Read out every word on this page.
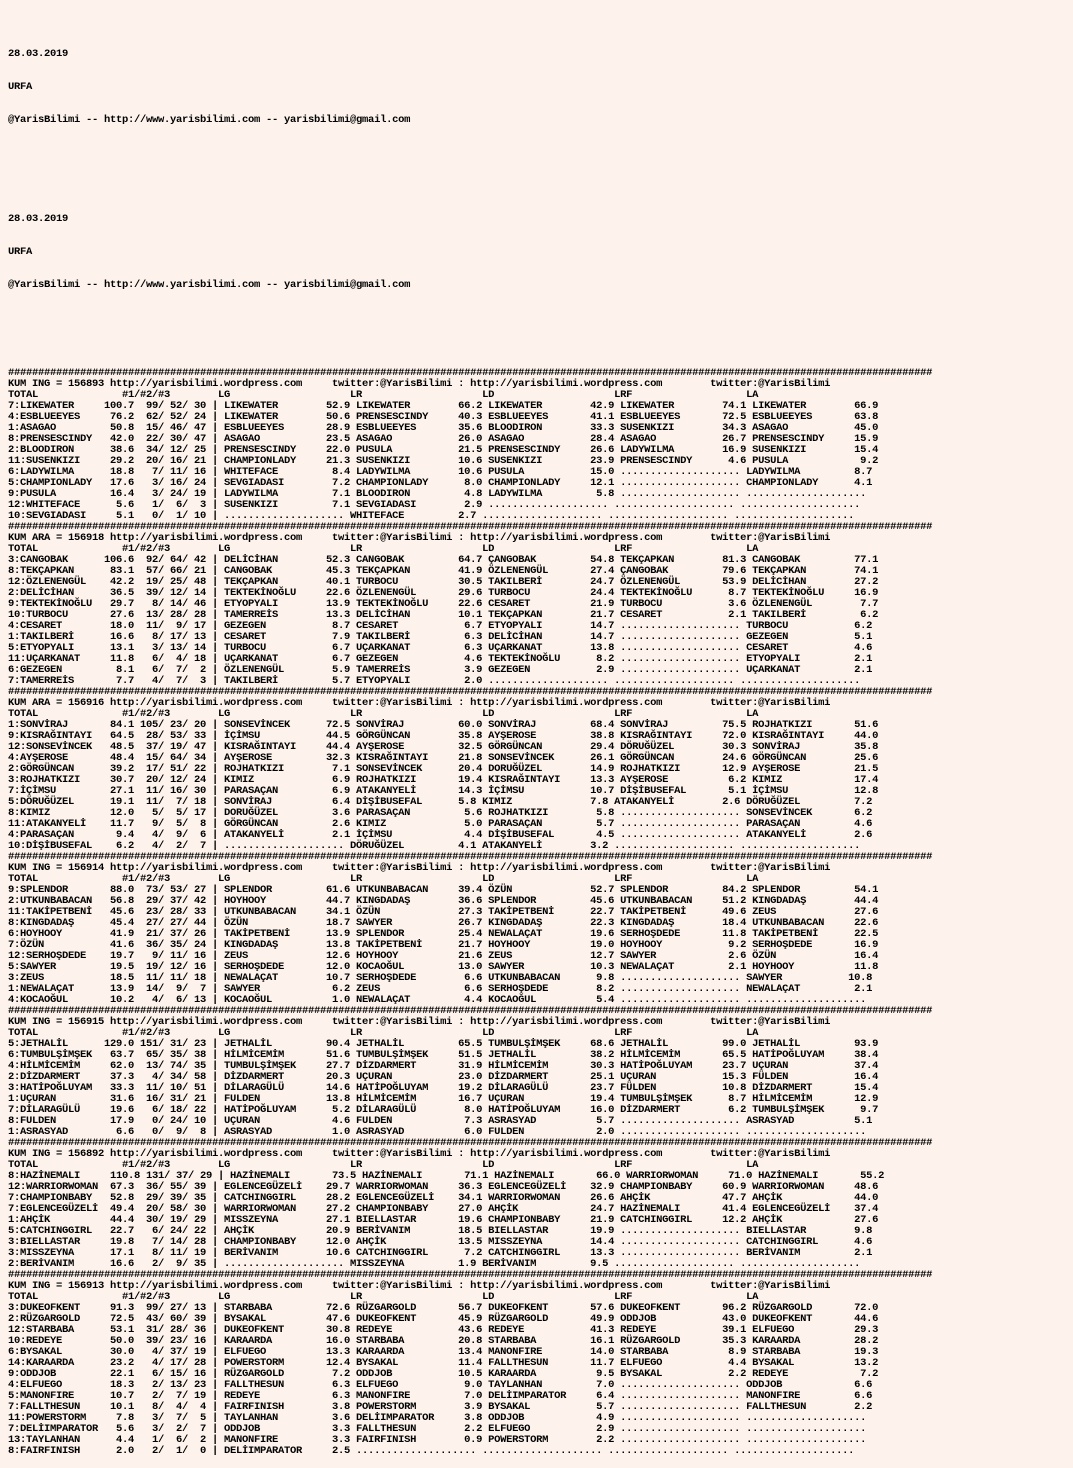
28.03.2019

URFA

@YarisBilimi -- http://www.yarisbilimi.com -- yarisbilimi@gmail.com

28.03.2019

URFA

@YarisBilimi -- http://www.yarisbilimi.com -- yarisbilimi@gmail.com

##########################################################################################################################################################
KUM ING = 156893 http://yarisbilimi.wordpress.com     twitter:@YarisBilimi : http://yarisbilimi.wordpress.com        twitter:@YarisBilimi
TOTAL              #1/#2/#3        LG                    LR                    LD                    LRF                   LA
7:LIKEWATER     100.7  99/ 52/ 30 | LIKEWATER        52.9 LIKEWATER        66.2 LIKEWATER        42.9 LIKEWATER        74.1 LIKEWATER        66.9
4:ESBLUEEYES     76.2  62/ 52/ 24 | LIKEWATER        50.6 PRENSESCINDY     40.3 ESBLUEEYES       41.1 ESBLUEEYES       72.5 ESBLUEEYES       63.8
1:ASAGAO         50.8  15/ 46/ 47 | ESBLUEEYES       28.9 ESBLUEEYES       35.6 BLOODIRON        33.3 SUSENKIZI        34.3 ASAGAO           45.0
8:PRENSESCINDY   42.0  22/ 30/ 47 | ASAGAO           23.5 ASAGAO           26.0 ASAGAO           28.4 ASAGAO           26.7 PRENSESCINDY     15.9
2:BLOODIRON      38.6  34/ 12/ 25 | PRENSESCINDY     22.0 PUSULA           21.5 PRENSESCINDY     26.6 LADYWILMA        16.9 SUSENKIZI        15.4
11:SUSENKIZI     29.2  20/ 16/ 21 | CHAMPIONLADY     21.3 SUSENKIZI        10.6 SUSENKIZI        23.9 PRENSESCINDY      4.6 PUSULA            9.2
6:LADYWILMA      18.8   7/ 11/ 16 | WHITEFACE         8.4 LADYWILMA        10.6 PUSULA           15.0 .................... LADYWILMA         8.7
5:CHAMPIONLADY   17.6   3/ 16/ 24 | SEVGIADASI        7.2 CHAMPIONLADY      8.0 CHAMPIONLADY     12.1 .................... CHAMPIONLADY      4.1
9:PUSULA         16.4   3/ 24/ 19 | LADYWILMA         7.1 BLOODIRON         4.8 LADYWILMA         5.8 .................... ....................
12:WHITEFACE      5.6   1/  6/  3 | SUSENKIZI         7.1 SEVGIADASI        2.9 .................... .................... ....................
10:SEVGIADASI     5.1   0/  1/ 10 | .................... WHITEFACE         2.7 .................... .................... ....................
##########################################################################################################################################################
KUM ARA = 156918 http://yarisbilimi.wordpress.com     twitter:@YarisBilimi : http://yarisbilimi.wordpress.com        twitter:@YarisBilimi
TOTAL              #1/#2/#3        LG                    LR                    LD                    LRF                   LA
3:CANGOBAK      106.6  92/ 64/ 42 | DELİCİHAN        52.3 CANGOBAK         64.7 ÇANGOBAK         54.8 TEKÇAPKAN        81.3 CANGOBAK         77.1
8:TEKÇAPKAN      83.1  57/ 66/ 21 | CANGOBAK         45.3 TEKÇAPKAN        41.9 ÖZLENENGÜL       27.4 ÇANGOBAK         79.6 TEKÇAPKAN        74.1
12:ÖZLENENGÜL    42.2  19/ 25/ 48 | TEKÇAPKAN        40.1 TURBOCU          30.5 TAKILBERİ        24.7 ÖZLENENGÜL       53.9 DELİCİHAN        27.2
2:DELİCİHAN      36.5  39/ 12/ 14 | TEKTEKİNOĞLU     22.6 ÖZLENENGÜL       29.6 TURBOCU          24.4 TEKTEKİNOĞLU      8.7 TEKTEKİNOĞLU     16.9
9:TEKTEKİNOĞLU   29.7   8/ 14/ 46 | ETYOPYALI        13.9 TEKTEKİNOĞLU     22.6 CESARET          21.9 TURBOCU           3.6 ÖZLENENGÜL        7.7
10:TURBOCU       27.6  13/ 28/ 28 | TAMERREİS        13.3 DELİCİHAN        10.1 TEKÇAPKAN        21.7 CESARET           2.1 TAKILBERİ         6.2
4:CESARET        18.0  11/  9/ 17 | GEZEGEN           8.7 CESARET           6.7 ETYOPYALI        14.7 .................... TURBOCU           6.2
1:TAKILBERİ      16.6   8/ 17/ 13 | CESARET           7.9 TAKILBERİ         6.3 DELİCİHAN        14.7 .................... GEZEGEN           5.1
5:ETYOPYALI      13.1   3/ 13/ 14 | TURBOCU           6.7 UÇARKANAT         6.3 UÇARKANAT        13.8 .................... CESARET           4.6
11:UÇARKANAT     11.8   6/  4/ 18 | UÇARKANAT         6.7 GEZEGEN           4.6 TEKTEKİNOĞLU      8.2 .................... ETYOPYALI         2.1
6:GEZEGEN         8.1   6/  7/  2 | ÖZLENENGÜL        5.9 TAMERREİS         3.9 GEZEGEN           2.9 .................... UÇARKANAT         2.1
7:TAMERREİS       7.7   4/  7/  3 | TAKILBERİ         5.7 ETYOPYALI         2.0 .................... .................... ....................
##########################################################################################################################################################
KUM ARA = 156916 http://yarisbilimi.wordpress.com     twitter:@YarisBilimi : http://yarisbilimi.wordpress.com        twitter:@YarisBilimi
TOTAL              #1/#2/#3        LG                    LR                    LD                    LRF                   LA
1:SONVİRAJ       84.1 105/ 23/ 20 | SONSEVİNCEK      72.5 SONVİRAJ         60.0 SONVİRAJ         68.4 SONVİRAJ         75.5 ROJHATKIZI       51.6
9:KISRAĞINTAYI   64.5  28/ 53/ 33 | İÇİMSU           44.5 GÖRGÜNCAN        35.8 AYŞEROSE         38.8 KISRAĞINTAYI     72.0 KISRAĞINTAYI     44.0
12:SONSEVİNCEK   48.5  37/ 19/ 47 | KISRAĞINTAYI     44.4 AYŞEROSE         32.5 GÖRGÜNCAN        29.4 DÖRUĞÜZEL        30.3 SONVİRAJ         35.8
4:AYŞEROSE       48.4  15/ 64/ 34 | AYŞEROSE         32.3 KISRAĞINTAYI     21.8 SONSEVİNCEK      26.1 GÖRGÜNCAN        24.6 GÖRGÜNCAN        25.6
2:GÖRGÜNCAN      39.2  17/ 51/ 22 | ROJHATKIZI        7.1 SONSEVİNCEK      20.4 DORUĞÜZEL        14.9 ROJHATKIZI       12.9 AYŞEROSE         21.5
3:ROJHATKIZI     30.7  20/ 12/ 24 | KIMIZ             6.9 ROJHATKIZI       19.4 KISRAĞINTAYI     13.3 AYŞEROSE          6.2 KIMIZ            17.4
7:İÇİMSU         27.1  11/ 16/ 30 | PARASAÇAN         6.9 ATAKANYELİ       14.3 İÇİMSU           10.7 DİŞİBUSEFAL       5.1 İÇİMSU           12.8
5:DÖRUĞÜZEL      19.1  11/  7/ 18 | SONVİRAJ          6.4 DİŞİBUSEFAL      5.8 KIMIZ             7.8 ATAKANYELİ        2.6 DÖRUĞÜZEL         7.2
8:KIMIZ          12.0   5/  5/ 17 | DORUĞÜZEL         3.6 PARASAÇAN         5.6 ROJHATKIZI        5.8 .................... SONSEVİNCEK       6.2
11:ATAKANYELİ    11.7   9/  5/  8 | GÖRGÜNCAN         2.6 KIMIZ             5.0 PARASAÇAN         5.7 .................... PARASAÇAN         4.6
4:PARASAÇAN       9.4   4/  9/  6 | ATAKANYELİ        2.1 İÇİMSU            4.4 DİŞİBUSEFAL       4.5 .................... ATAKANYELİ        2.6
10:DİŞİBUSEFAL    6.2   4/  2/  7 | .................... DÖRUĞÜZEL         4.1 ATAKANYELİ        3.2 .................... ....................
##########################################################################################################################################################
KUM ING = 156914 http://yarisbilimi.wordpress.com     twitter:@YarisBilimi : http://yarisbilimi.wordpress.com        twitter:@YarisBilimi
TOTAL              #1/#2/#3        LG                    LR                    LD                    LRF                   LA
9:SPLENDOR       88.0  73/ 53/ 27 | SPLENDOR         61.6 UTKUNBABACAN     39.4 ÖZÜN             52.7 SPLENDOR         84.2 SPLENDOR         54.1
2:UTKUNBABACAN   56.8  29/ 37/ 42 | HOYHOOY          44.7 KINGDADAŞ        36.6 SPLENDOR         45.6 UTKUNBABACAN     51.2 KINGDADAŞ        44.4
11:TAKİPETBENİ   45.6  23/ 28/ 33 | UTKUNBABACAN     34.1 ÖZÜN             27.3 TAKİPETBENİ      22.7 TAKİPETBENİ      49.6 ZEUS             27.6
8:KINGDADAŞ      45.4  27/ 27/ 44 | ÖZÜN             18.7 SAWYER           26.7 KINGDADAŞ        22.3 KINGDADAŞ        18.4 UTKUNBABACAN     22.6
6:HOYHOOY        41.9  21/ 37/ 26 | TAKİPETBENİ      13.9 SPLENDOR         25.4 NEWALAÇAT        19.6 SERHOŞDEDE       11.8 TAKİPETBENİ      22.5
7:ÖZÜN           41.6  36/ 35/ 24 | KINGDADAŞ        13.8 TAKİPETBENİ      21.7 HOYHOOY          19.0 HOYHOOY           9.2 SERHOŞDEDE       16.9
12:SERHOŞDEDE    19.7   9/ 11/ 16 | ZEUS             12.6 HOYHOOY          21.6 ZEUS             12.7 SAWYER            2.6 ÖZÜN             16.4
5:SAWYER         19.5  19/ 12/ 16 | SERHOŞDEDE       12.0 KOCAOĞUL         13.0 SAWYER           10.3 NEWALAÇAT         2.1 HOYHOOY          11.8
3:ZEUS           18.5  11/ 11/ 18 | NEWALAÇAT        10.7 SERHOŞDEDE        6.6 UTKUNBABACAN      9.8 .................... SAWYER           10.8
1:NEWALAÇAT      13.9  14/  9/  7 | SAWYER            6.2 ZEUS              6.6 SERHOŞDEDE        8.2 .................... NEWALAÇAT         2.1
4:KOCAOĞUL       10.2   4/  6/ 13 | KOCAOĞUL          1.0 NEWALAÇAT         4.4 KOCAOĞUL          5.4 .................... ....................
##########################################################################################################################################################
KUM ING = 156915 http://yarisbilimi.wordpress.com     twitter:@YarisBilimi : http://yarisbilimi.wordpress.com        twitter:@YarisBilimi
TOTAL              #1/#2/#3        LG                    LR                    LD                    LRF                   LA
5:JETHALİL      129.0 151/ 31/ 23 | JETHALİL         90.4 JETHALİL         65.5 TUMBULŞİMŞEK     68.6 JETHALİL         99.0 JETHALİL         93.9
6:TUMBULŞİMŞEK   63.7  65/ 35/ 38 | HİLMİCEMİM       51.6 TUMBULŞİMŞEK     51.5 JETHALİL         38.2 HİLMİCEMİM       65.5 HATİPOĞLUYAM     38.4
4:HİLMİCEMİM     62.0  13/ 74/ 35 | TUMBULŞİMŞEK     27.7 DİZDARMERT       31.9 HİLMİCEMİM       30.3 HATİPOĞLUYAM     23.7 UÇURAN           37.4
2:DİZDARMERT     37.3   4/ 34/ 58 | DİZDARMERT       20.3 UÇURAN           23.0 DİZDARMERT       25.1 UÇURAN           15.3 FÜLDEN           16.4
3:HATİPOĞLUYAM   33.3  11/ 10/ 51 | DİLARAGÜLÜ       14.6 HATİPOĞLUYAM     19.2 DİLARAGÜLÜ       23.7 FÜLDEN           10.8 DİZDARMERT       15.4
1:UÇURAN         31.6  16/ 31/ 21 | FULDEN           13.8 HİLMİCEMİM       16.7 UÇURAN           19.4 TUMBULŞİMŞEK      8.7 HİLMİCEMİM       12.9
7:DİLARAGÜLÜ     19.6   6/ 18/ 22 | HATİPOĞLUYAM      5.2 DİLARAGÜLÜ        8.0 HATİPOĞLUYAM     16.0 DİZDARMERT        6.2 TUMBULŞİMŞEK      9.7
8:FULDEN         17.9   0/ 24/ 10 | UÇURAN            4.6 FULDEN            7.3 ASRASYAD          5.7 .................... ASRASYAD          5.1
1:ASRASYAD        6.6   0/  9/  8 | ASRASYAD          1.0 ASRASYAD          6.0 FULDEN            2.0 .................... ....................
##########################################################################################################################################################
KUM ING = 156892 http://yarisbilimi.wordpress.com     twitter:@YarisBilimi : http://yarisbilimi.wordpress.com        twitter:@YarisBilimi
TOTAL              #1/#2/#3        LG                    LR                    LD                    LRF                   LA
8:HAZİNEMALI     110.8 131/ 37/ 29 | HAZİNEMALI       73.5 HAZİNEMALI       71.1 HAZİNEMALI       66.0 WARRIORWOMAN     71.0 HAZİNEMALI       55.2
12:WARRIORWOMAN  67.3  36/ 55/ 39 | EGLENCEGÜZELİ    29.7 WARRIORWOMAN     36.3 EGLENCEGÜZELİ    32.9 CHAMPIONBABY     60.9 WARRIORWOMAN     48.6
7:CHAMPIONBABY   52.8  29/ 39/ 35 | CATCHINGGIRL     28.2 EGLENCEGÜZELİ    34.1 WARRIORWOMAN     26.6 AHÇİK            47.7 AHÇİK            44.0
7:EGLENCEGÜZELİ  49.4  20/ 58/ 30 | WARRIORWOMAN     27.2 CHAMPIONBABY     27.0 AHÇİK            24.7 HAZİNEMALI       41.4 EGLENCEGÜZELİ    37.4
1:AHÇİK          44.4  30/ 19/ 29 | MISSZEYNA        27.1 BIELLASTAR       19.6 CHAMPIONBABY     21.9 CATCHINGGIRL     12.2 AHÇİK            27.6
5:CATCHINGGIRL   22.7   6/ 24/ 22 | AHÇİK            20.9 BERİVANIM        18.5 BIELLASTAR       19.9 .................... BIELLASTAR        9.8
3:BIELLASTAR     19.8   7/ 14/ 28 | CHAMPIONBABY     12.0 AHÇİK            13.5 MISSZEYNA        14.4 .................... CATCHINGGIRL      4.6
3:MISSZEYNA      17.1   8/ 11/ 19 | BERİVANIM        10.6 CATCHINGGIRL      7.2 CATCHINGGIRL     13.3 .................... BERİVANIM         2.1
2:BERİVANIM      16.6   2/  9/ 35 | .................... MISSZEYNA         1.9 BERİVANIM         9.5 .................... ....................
##########################################################################################################################################################
KUM ING = 156913 http://yarisbilimi.wordpress.com     twitter:@YarisBilimi : http://yarisbilimi.wordpress.com        twitter:@YarisBilimi
TOTAL              #1/#2/#3        LG                    LR                    LD                    LRF                   LA
3:DUKEOFKENT     91.3  99/ 27/ 13 | STARBABA         72.6 RÜZGARGOLD       56.7 DUKEOFKENT       57.6 DUKEOFKENT       96.2 RÜZGARGOLD       72.0
2:RÜZGARGOLD     72.5  43/ 60/ 39 | BYSAKAL          47.6 DUKEOFKENT       45.9 RÜZGARGOLD       49.9 ODDJOB           43.0 DUKEOFKENT       44.6
12:STARBABA      53.1  31/ 28/ 36 | DUKEOFKENT       30.8 REDEYE           43.6 REDEYE           41.3 REDEYE           39.1 ELFUEGO          29.3
10:REDEYE        50.0  39/ 23/ 16 | KARAARDA         16.0 STARBABA         20.8 STARBABA         16.1 RÜZGARGOLD       35.3 KARAARDA         28.2
6:BYSAKAL        30.0   4/ 37/ 19 | ELFUEGO          13.3 KARAARDA         13.4 MANONFIRE        14.0 STARBABA          8.9 STARBABA         19.3
14:KARAARDA      23.2   4/ 17/ 28 | POWERSTORM       12.4 BYSAKAL          11.4 FALLTHESUN       11.7 ELFUEGO           4.4 BYSAKAL          13.2
9:ODDJOB         22.1   6/ 15/ 16 | RÜZGARGOLD        7.2 ODDJOB           10.5 KARAARDA          9.5 BYSAKAL           2.2 REDEYE            7.2
4:ELFUEGO        18.3   2/ 13/ 23 | FALLTHESUN        6.3 ELFUEGO           9.0 TAYLANHAN         7.0 .................... ODDJOB            6.6
5:MANONFIRE      10.7   2/  7/ 19 | REDEYE            6.3 MANONFIRE         7.0 DELİIMPARATOR     6.4 .................... MANONFIRE         6.6
7:FALLTHESUN     10.1   8/  4/  4 | FAIRFINISH        3.8 POWERSTORM        3.9 BYSAKAL           5.7 .................... FALLTHESUN        2.2
11:POWERSTORM     7.8   3/  7/  5 | TAYLANHAN         3.6 DELİIMPARATOR     3.8 ODDJOB            4.9 .................... ....................
7:DELİIMPARATOR   5.6   3/  2/  7 | ODDJOB            3.3 FALLTHESUN        2.2 ELFUEGO           2.9 .................... ....................
13:TAYLANHAN      4.4   1/  6/  2 | MANONFIRE         3.3 FAIRFINISH        0.9 POWERSTORM        2.2 .................... ....................
8:FAIRFINISH      2.0   2/  1/  0 | DELİIMPARATOR     2.5 .................... .................... .................... ....................
